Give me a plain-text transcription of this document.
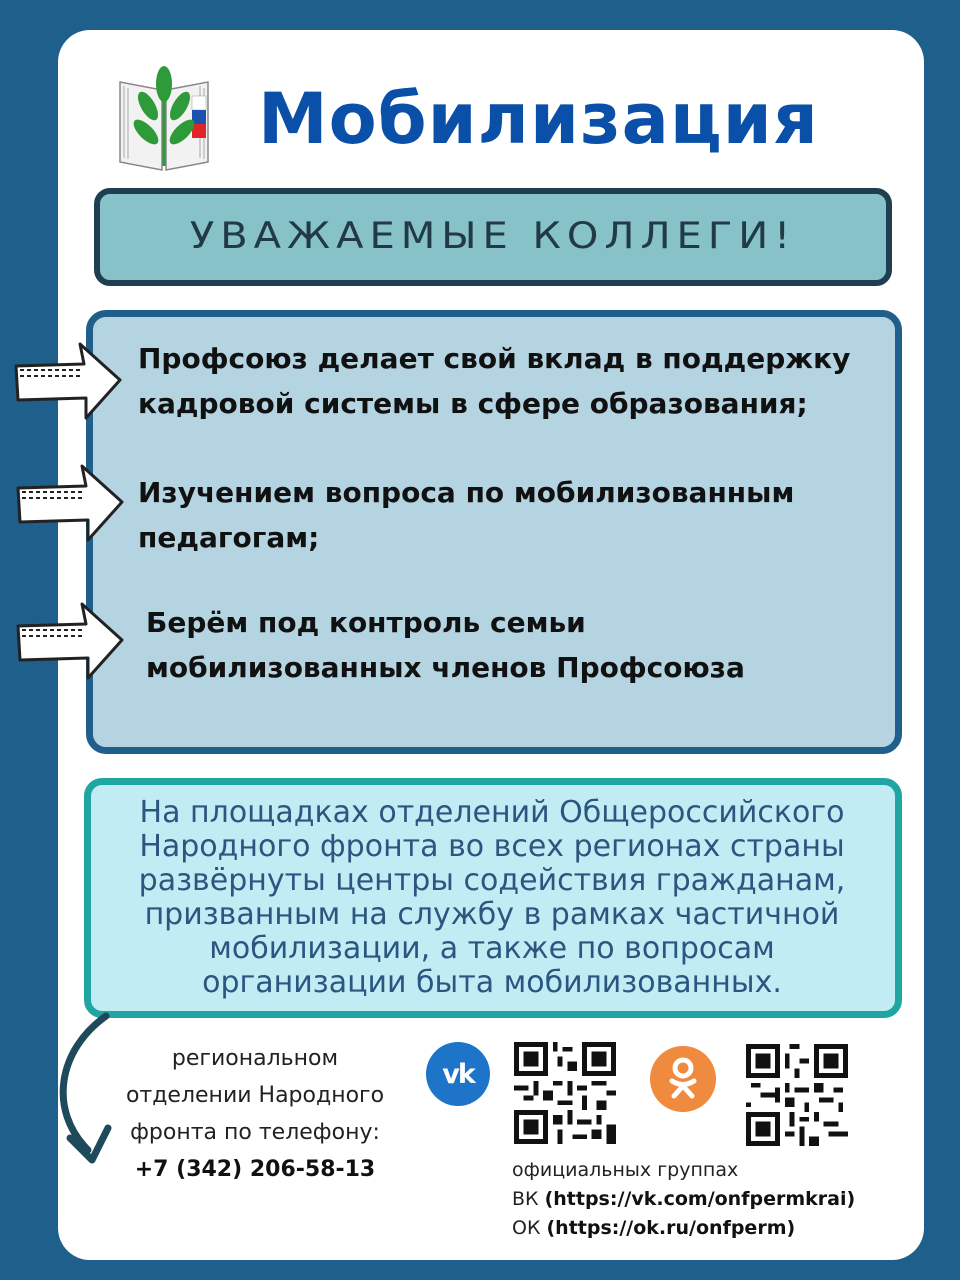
Мобилизация
УВАЖАЕМЫЕ КОЛЛЕГИ!

Профсоюз делает свой вклад в поддержку
кадровой системы в сфере образования;

Изучением вопроса по мобилизованным
педагогам;

Берём под контроль семьи
мобилизованных членов Профсоюза

На площадках отделений Общероссийского
Народного фронта во всех регионах страны
развёрнуты центры содействия гражданам,
призванным на службу в рамках частичной
мобилизации, а также по вопросам
организации быта мобилизованных.

региональном
отделении Народного
фронта по телефону:
+7 (342) 206-58-13
vk
официальных группах
ВК (https://vk.com/onfpermkrai)
ОК (https://ok.ru/onfperm)
